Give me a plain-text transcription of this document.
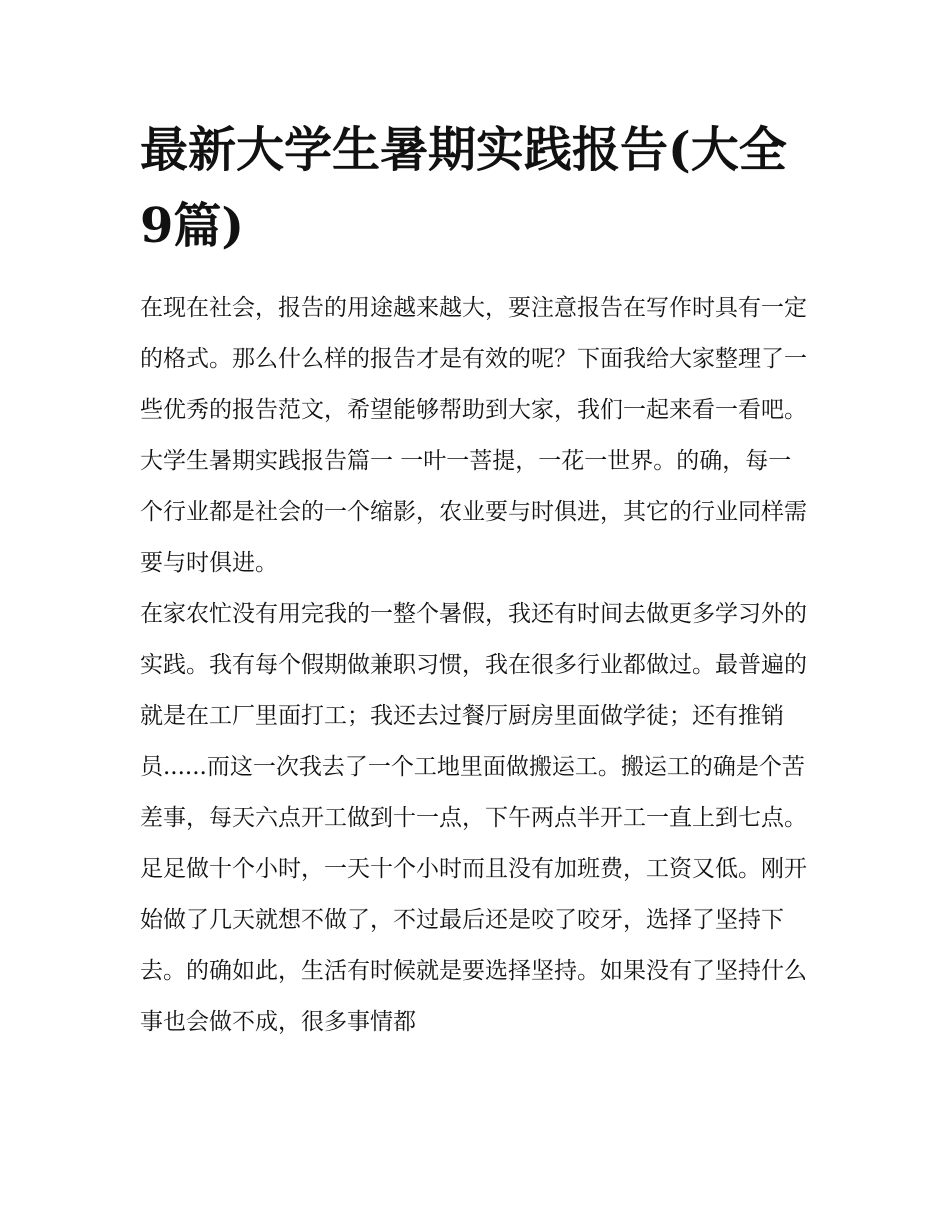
最新大学生暑期实践报告(大全9篇)

在现在社会，报告的用途越来越大，要注意报告在写作时具有一定的格式。那么什么样的报告才是有效的呢？下面我给大家整理了一些优秀的报告范文，希望能够帮助到大家，我们一起来看一看吧。

大学生暑期实践报告篇一 一叶一菩提，一花一世界。的确，每一个行业都是社会的一个缩影，农业要与时俱进，其它的行业同样需要与时俱进。

在家农忙没有用完我的一整个暑假，我还有时间去做更多学习外的实践。我有每个假期做兼职习惯，我在很多行业都做过。最普遍的就是在工厂里面打工；我还去过餐厅厨房里面做学徒；还有推销员......而这一次我去了一个工地里面做搬运工。搬运工的确是个苦差事，每天六点开工做到十一点，下午两点半开工一直上到七点。足足做十个小时，一天十个小时而且没有加班费，工资又低。刚开始做了几天就想不做了，不过最后还是咬了咬牙，选择了坚持下去。的确如此，生活有时候就是要选择坚持。如果没有了坚持什么事也会做不成，很多事情都
